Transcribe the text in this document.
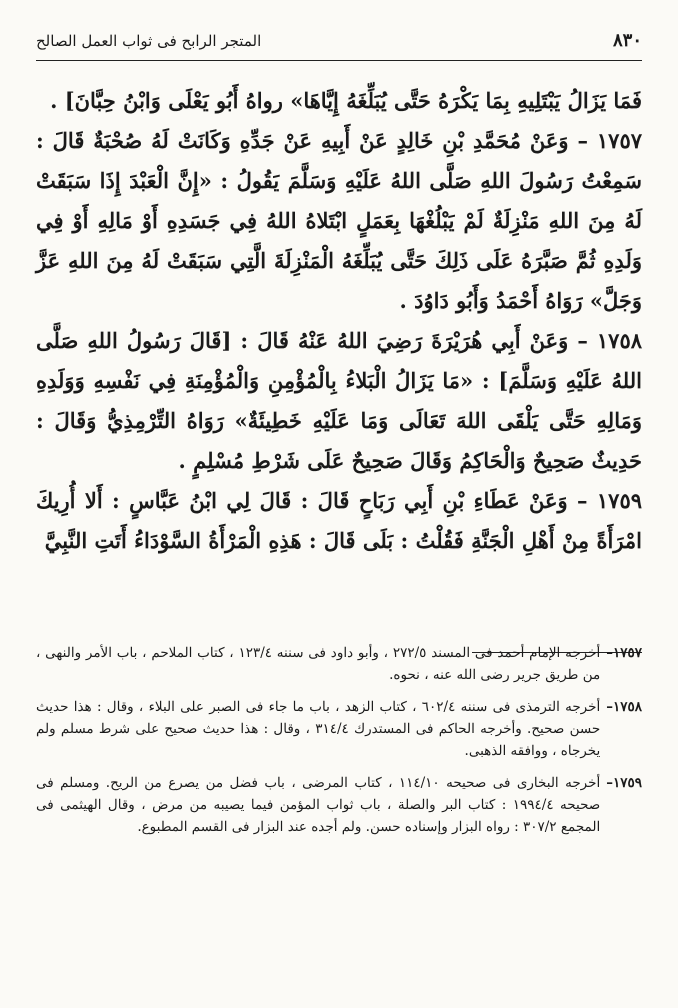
٨٣٠
المتجر الرابح فى ثواب العمل الصالح

فَمَا يَزَالُ يَبْتَلِيهِ بِمَا يَكْرَهُ حَتَّى يُبَلِّغَهُ إِيَّاهَا» رواهُ أَبُو يَعْلَى وَابْنُ حِبَّانَ] .

١٧٥٧ – وَعَنْ مُحَمَّدِ بْنِ خَالِدٍ عَنْ أَبِيهِ عَنْ جَدِّهِ وَكَانَتْ لَهُ صُحْبَةٌ قَالَ : سَمِعْتُ رَسُولَ اللهِ صَلَّى اللهُ عَلَيْهِ وَسَلَّمَ يَقُولُ : «إِنَّ الْعَبْدَ إِذَا سَبَقَتْ لَهُ مِنَ اللهِ مَنْزِلَةٌ لَمْ يَبْلُغْهَا بِعَمَلٍ ابْتَلاهُ اللهُ فِي جَسَدِهِ أَوْ مَالِهِ أَوْ فِي وَلَدِهِ ثُمَّ صَبَّرَهُ عَلَى ذَلِكَ حَتَّى يُبَلِّغَهُ الْمَنْزِلَةَ الَّتِي سَبَقَتْ لَهُ مِنَ اللهِ عَزَّ وَجَلَّ» رَوَاهُ أَحْمَدُ وَأَبُو دَاوُدَ .

١٧٥٨ – وَعَنْ أَبِي هُرَيْرَةَ رَضِيَ اللهُ عَنْهُ قَالَ : [قَالَ رَسُولُ اللهِ صَلَّى اللهُ عَلَيْهِ وَسَلَّمَ] : «مَا يَزَالُ الْبَلاءُ بِالْمُؤْمِنِ وَالْمُؤْمِنَةِ فِي نَفْسِهِ وَوَلَدِهِ وَمَالِهِ حَتَّى يَلْقَى اللهَ تَعَالَى وَمَا عَلَيْهِ خَطِيئَةٌ» رَوَاهُ التِّرْمِذِيُّ وَقَالَ : حَدِيثٌ صَحِيحٌ وَالْحَاكِمُ وَقَالَ صَحِيحٌ عَلَى شَرْطِ مُسْلِمٍ .

١٧٥٩ – وَعَنْ عَطَاءِ بْنِ أَبِي رَبَاحٍ قَالَ : قَالَ لِي ابْنُ عَبَّاسٍ : أَلا أُرِيكَ امْرَأَةً مِنْ أَهْلِ الْجَنَّةِ فَقُلْتُ : بَلَى قَالَ : هَذِهِ الْمَرْأَةُ السَّوْدَاءُ أَتَتِ النَّبِيَّ

١٧٥٧–
أخرجه الإمام أحمد فى المسند ٢٧٢/٥ ، وأبو داود فى سننه ١٢٣/٤ ، كتاب الملاحم ، باب الأمر والنهى ، من طريق جرير رضى الله عنه ، نحوه.
١٧٥٨–
أخرجه الترمذى فى سننه ٦٠٢/٤ ، كتاب الزهد ، باب ما جاء فى الصبر على البلاء ، وقال : هذا حديث حسن صحيح. وأخرجه الحاكم فى المستدرك ٣١٤/٤ ، وقال : هذا حديث صحيح على شرط مسلم ولم يخرجاه ، ووافقه الذهبى.
١٧٥٩–
أخرجه البخارى فى صحيحه ١١٤/١٠ ، كتاب المرضى ، باب فضل من يصرع من الريح. ومسلم فى صحيحه ١٩٩٤/٤ : كتاب البر والصلة ، باب ثواب المؤمن فيما يصيبه من مرض ، وقال الهيثمى فى المجمع ٣٠٧/٢ : رواه البزار وإسناده حسن. ولم أجده عند البزار فى القسم المطبوع.
